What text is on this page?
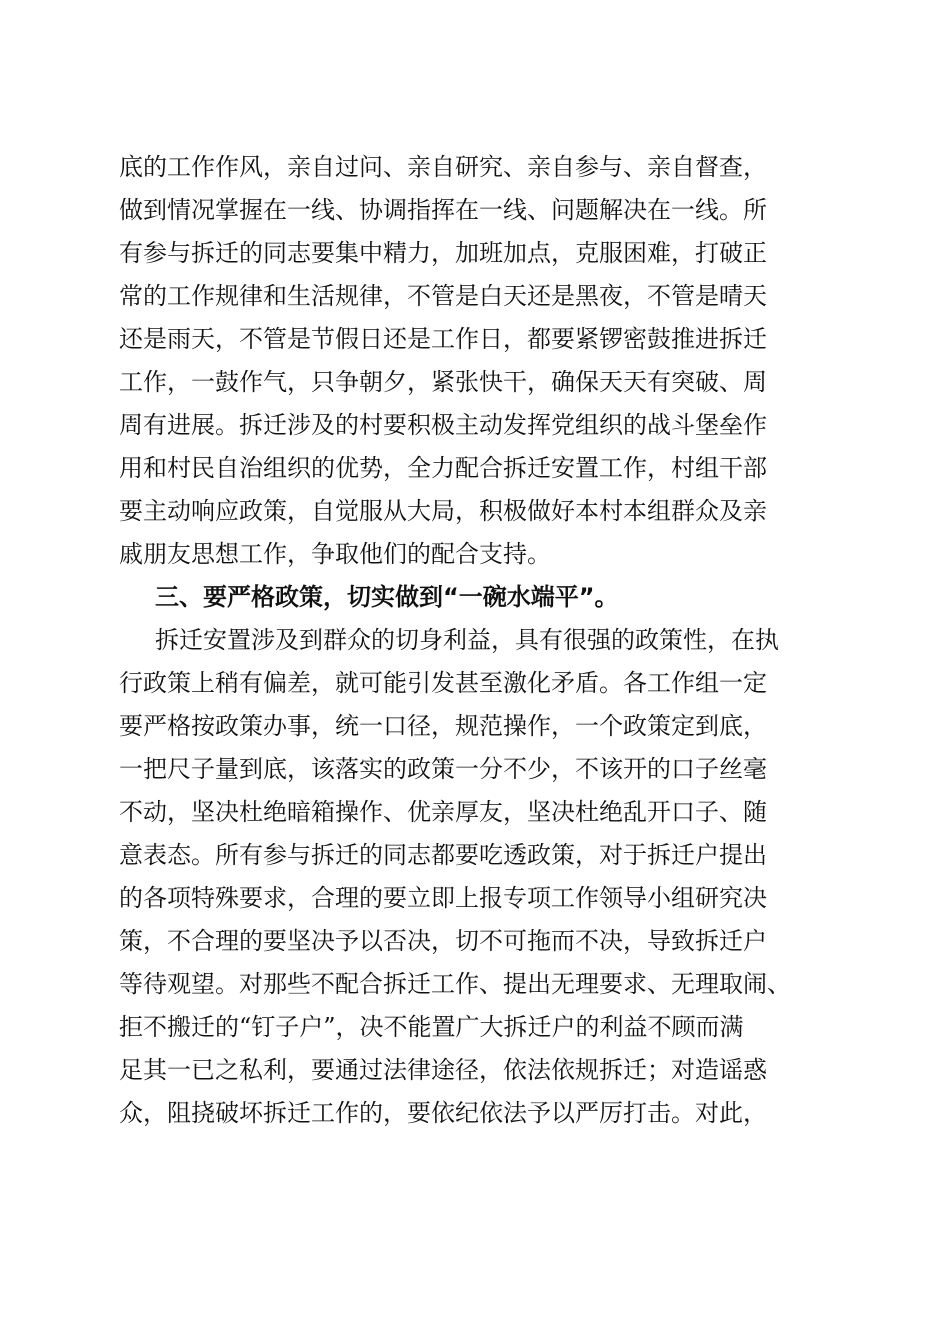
底的工作作风，亲自过问、亲自研究、亲自参与、亲自督查，
做到情况掌握在一线、协调指挥在一线、问题解决在一线。所
有参与拆迁的同志要集中精力，加班加点，克服困难，打破正
常的工作规律和生活规律，不管是白天还是黑夜，不管是晴天
还是雨天，不管是节假日还是工作日，都要紧锣密鼓推进拆迁
工作，一鼓作气，只争朝夕，紧张快干，确保天天有突破、周
周有进展。拆迁涉及的村要积极主动发挥党组织的战斗堡垒作
用和村民自治组织的优势，全力配合拆迁安置工作，村组干部
要主动响应政策，自觉服从大局，积极做好本村本组群众及亲
戚朋友思想工作，争取他们的配合支持。
三、要严格政策，切实做到“一碗水端平”。
拆迁安置涉及到群众的切身利益，具有很强的政策性，在执
行政策上稍有偏差，就可能引发甚至激化矛盾。各工作组一定
要严格按政策办事，统一口径，规范操作，一个政策定到底，
一把尺子量到底，该落实的政策一分不少，不该开的口子丝毫
不动，坚决杜绝暗箱操作、优亲厚友，坚决杜绝乱开口子、随
意表态。所有参与拆迁的同志都要吃透政策，对于拆迁户提出
的各项特殊要求，合理的要立即上报专项工作领导小组研究决
策，不合理的要坚决予以否决，切不可拖而不决，导致拆迁户
等待观望。对那些不配合拆迁工作、提出无理要求、无理取闹、
拒不搬迁的“钉子户”，决不能置广大拆迁户的利益不顾而满
足其一已之私利，要通过法律途径，依法依规拆迁；对造谣惑
众，阻挠破坏拆迁工作的，要依纪依法予以严厉打击。对此，
